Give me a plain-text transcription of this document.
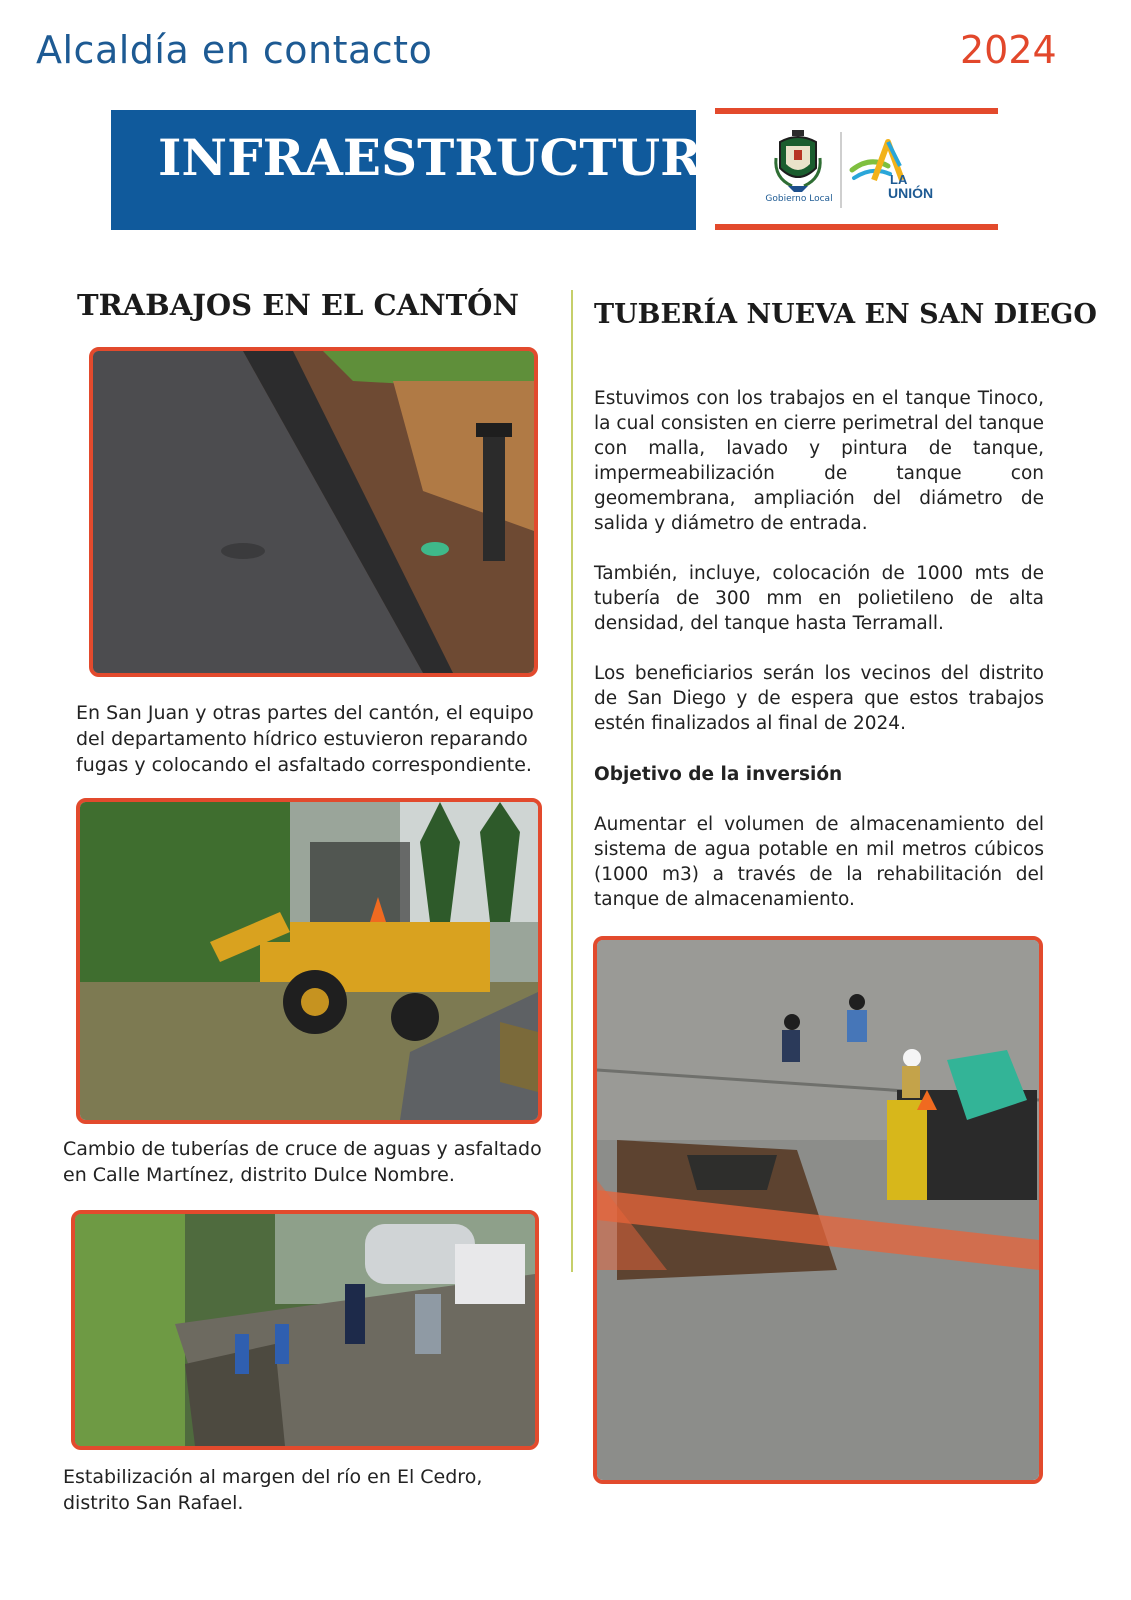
Alcaldía en contacto	2024
INFRAESTRUCTURA
Gobierno Local
LA
UNIÓN
TRABAJOS EN EL CANTÓN	TUBERÍA NUEVA EN SAN DIEGO
En San Juan y otras partes del cantón, el equipo del departamento hídrico estuvieron reparando fugas y colocando el asfaltado correspondiente.
Cambio de tuberías de cruce de aguas y asfaltado en Calle Martínez, distrito Dulce Nombre.
Estabilización al margen del río en El Cedro, distrito San Rafael.
Estuvimos con los trabajos en el tanque Tinoco, la cual consisten en cierre perimetral del tanque con malla, lavado y pintura de tanque, impermeabilización de tanque con geomembrana, ampliación del diámetro de salida y diámetro de entrada.
También, incluye, colocación de 1000 mts de tubería de 300 mm en polietileno de alta densidad, del tanque hasta Terramall.
Los beneficiarios serán los vecinos del distrito de San Diego y de espera que estos trabajos estén finalizados al final de 2024.
Objetivo de la inversión
Aumentar el volumen de almacenamiento del sistema de agua potable en mil metros cúbicos (1000 m3) a través de la rehabilitación del tanque de almacenamiento.
